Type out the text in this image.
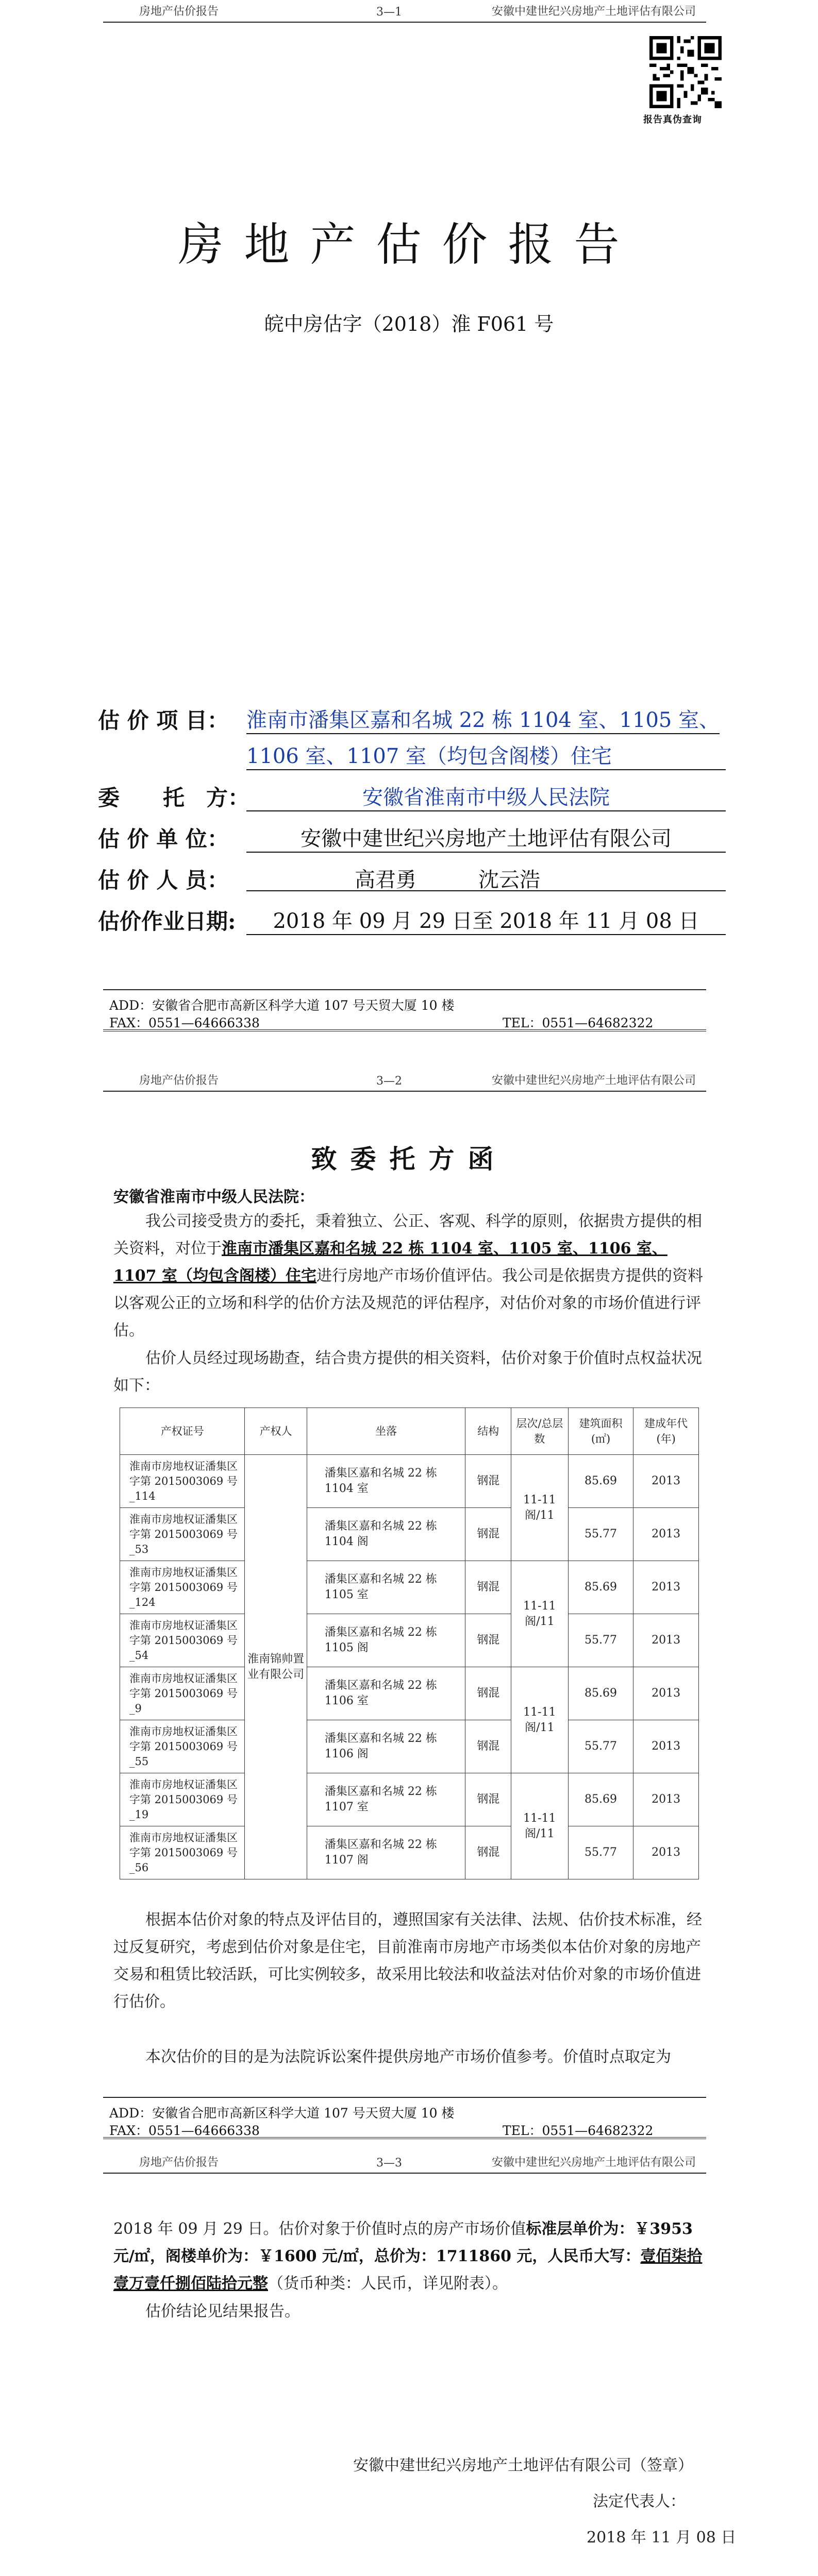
房地产估价报告	3—1	安徽中建世纪兴房地产土地评估有限公司
报告真伪查询
房地产估价报告
皖中房估字（2018）淮 F061 号
估 价 项 目： 淮南市潘集区嘉和名城 22 栋 1104 室、1105 室、
1106 室、1107 室（均包含阁楼）住宅
委　　托　方：	安徽省淮南市中级人民法院
估 价 单 位：	安徽中建世纪兴房地产土地评估有限公司
估 价 人 员：	高君勇	沈云浩
估价作业日期:	2018 年 09 月 29 日至 2018 年 11 月 08 日
ADD：安徽省合肥市高新区科学大道 107 号天贸大厦 10 楼
FAX：0551—64666338	TEL：0551—64682322
房地产估价报告	3—2	安徽中建世纪兴房地产土地评估有限公司
致委托方函
安徽省淮南市中级人民法院：
我公司接受贵方的委托，秉着独立、公正、客观、科学的原则，依据贵方提供的相关资料，对位于淮南市潘集区嘉和名城 22 栋 1104 室、1105 室、1106 室、1107 室（均包含阁楼）住宅进行房地产市场价值评估。我公司是依据贵方提供的资料以客观公正的立场和科学的估价方法及规范的评估程序，对估价对象的市场价值进行评估。
估价人员经过现场勘查，结合贵方提供的相关资料，估价对象于价值时点权益状况如下：
产权证号	产权人	坐落	结构	层次/总层数	建筑面积(㎡)	建成年代(年)
淮南市房地权证潘集区字第 2015003069 号_114	淮南锦帅置业有限公司	潘集区嘉和名城 22 栋 1104 室	钢混	11-11 阁/11	85.69	2013
淮南市房地权证潘集区字第 2015003069 号_53		潘集区嘉和名城 22 栋 1104 阁	钢混		55.77	2013
淮南市房地权证潘集区字第 2015003069 号_124		潘集区嘉和名城 22 栋 1105 室	钢混	11-11 阁/11	85.69	2013
淮南市房地权证潘集区字第 2015003069 号_54		潘集区嘉和名城 22 栋 1105 阁	钢混		55.77	2013
淮南市房地权证潘集区字第 2015003069 号_9		潘集区嘉和名城 22 栋 1106 室	钢混	11-11 阁/11	85.69	2013
淮南市房地权证潘集区字第 2015003069 号_55		潘集区嘉和名城 22 栋 1106 阁	钢混		55.77	2013
淮南市房地权证潘集区字第 2015003069 号_19		潘集区嘉和名城 22 栋 1107 室	钢混	11-11 阁/11	85.69	2013
淮南市房地权证潘集区字第 2015003069 号_56		潘集区嘉和名城 22 栋 1107 阁	钢混		55.77	2013
根据本估价对象的特点及评估目的，遵照国家有关法律、法规、估价技术标准，经过反复研究，考虑到估价对象是住宅，目前淮南市房地产市场类似本估价对象的房地产交易和租赁比较活跃，可比实例较多，故采用比较法和收益法对估价对象的市场价值进行估价。
本次估价的目的是为法院诉讼案件提供房地产市场价值参考。价值时点取定为
ADD：安徽省合肥市高新区科学大道 107 号天贸大厦 10 楼
FAX：0551—64666338	TEL：0551—64682322
房地产估价报告	3—3	安徽中建世纪兴房地产土地评估有限公司
2018 年 09 月 29 日。估价对象于价值时点的房产市场价值标准层单价为：￥3953 元/㎡，阁楼单价为：￥1600 元/㎡，总价为：1711860 元，人民币大写：壹佰柒拾壹万壹仟捌佰陆拾元整（货币种类：人民币，详见附表）。
估价结论见结果报告。
安徽中建世纪兴房地产土地评估有限公司（签章）
法定代表人：
2018 年 11 月 08 日
